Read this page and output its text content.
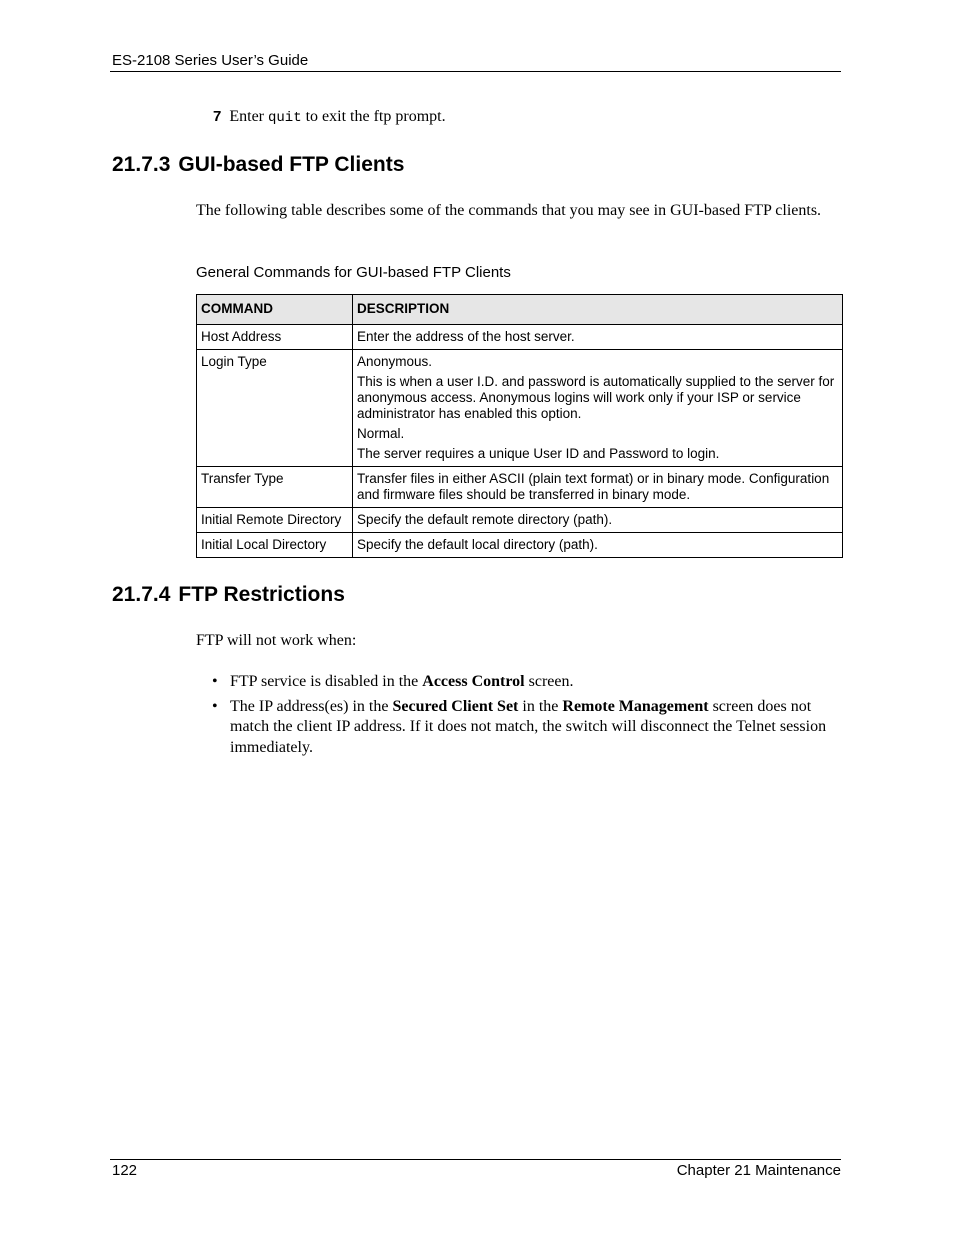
ES-2108 Series User’s Guide
7 Enter quit to exit the ftp prompt.
21.7.3 GUI-based FTP Clients

The following table describes some of the commands that you may see in GUI-based FTP clients.

General Commands for GUI-based FTP Clients
COMMAND	DESCRIPTION
Host Address	Enter the address of the host server.

Login Type	Anonymous.

This is when a user I.D. and password is automatically supplied to the server for anonymous access. Anonymous logins will work only if your ISP or service administrator has enabled this option.

Normal.

The server requires a unique User ID and Password to login.

Transfer Type	Transfer files in either ASCII (plain text format) or in binary mode. Configuration and firmware files should be transferred in binary mode.

Initial Remote Directory	Specify the default remote directory (path).

Initial Local Directory	Specify the default local directory (path).

21.7.4 FTP Restrictions

FTP will not work when:

• FTP service is disabled in the Access Control screen.
• The IP address(es) in the Secured Client Set in the Remote Management screen does not match the client IP address. If it does not match, the switch will disconnect the Telnet session immediately.
122	Chapter 21 Maintenance
